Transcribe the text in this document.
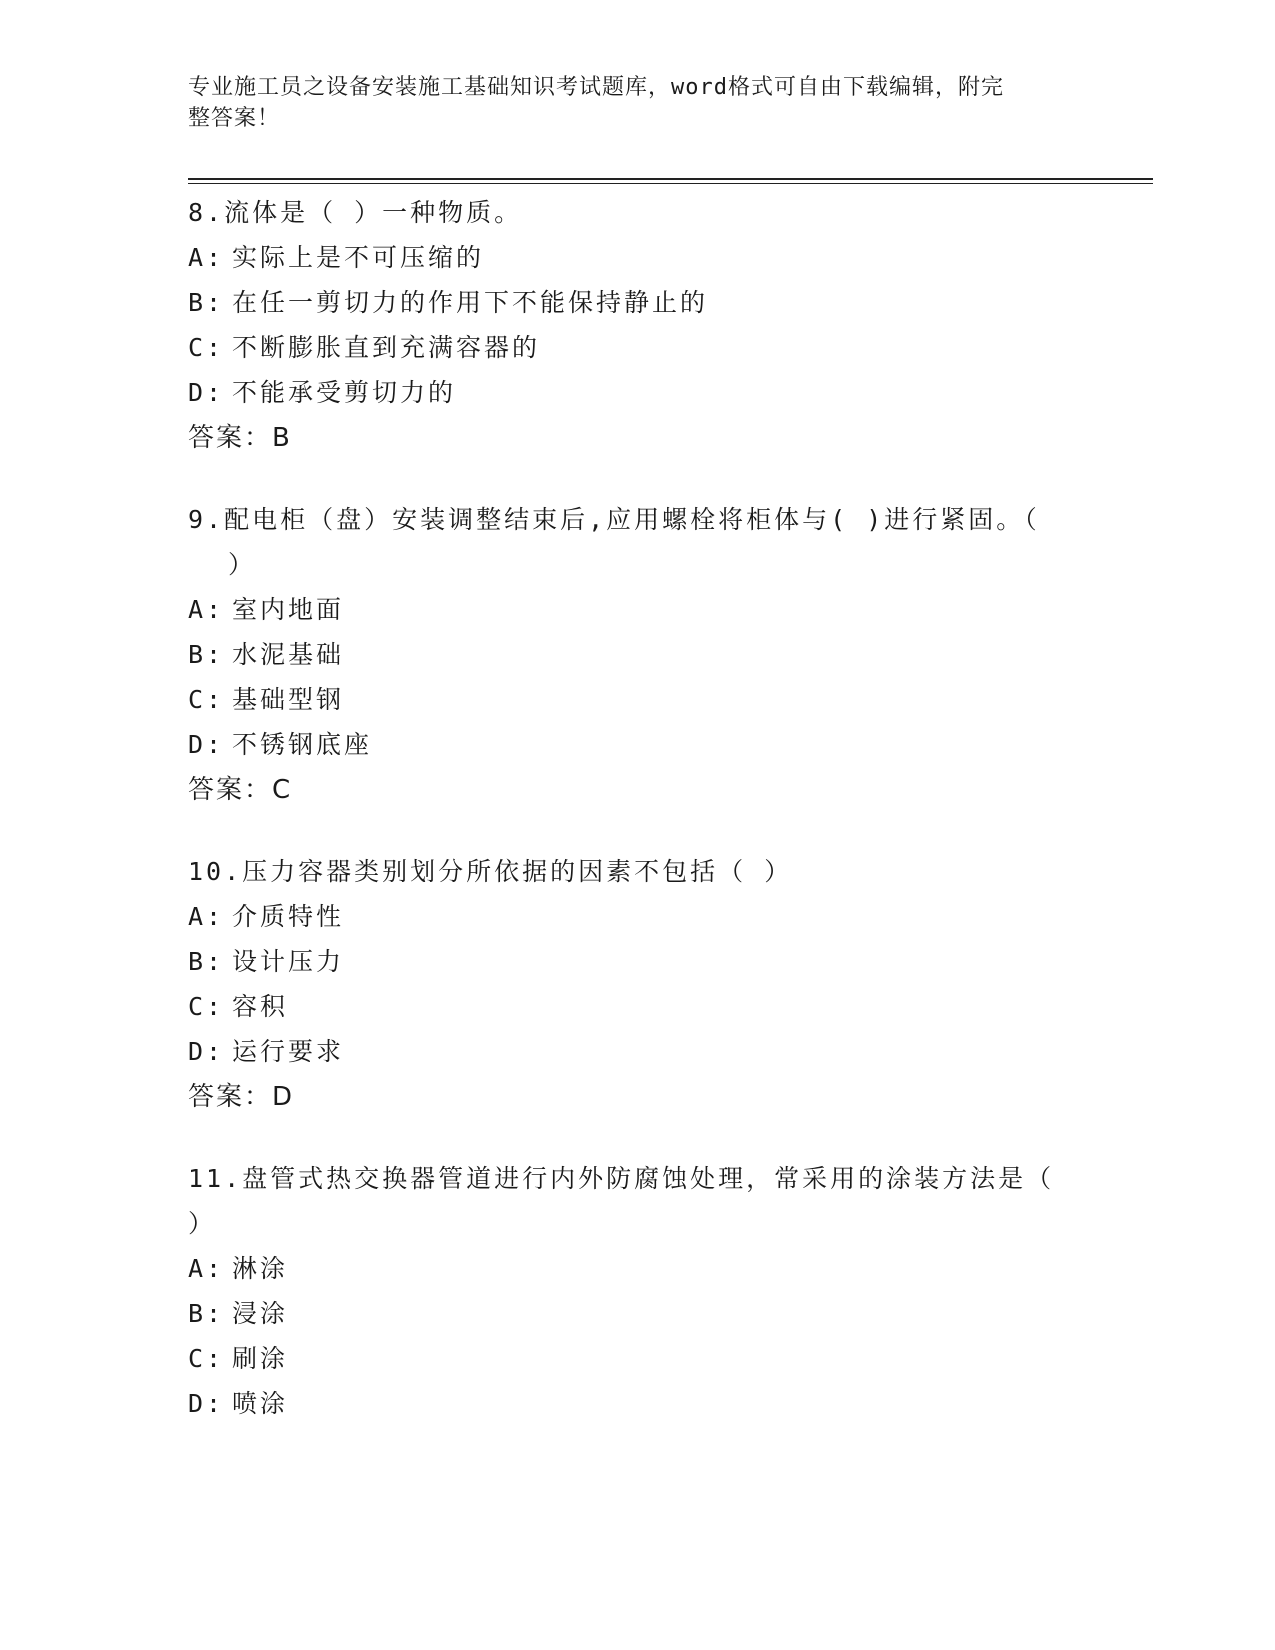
专业施工员之设备安装施工基础知识考试题库，word格式可自由下载编辑，附完
整答案！
8.流体是（ ）一种物质。
A: 实际上是不可压缩的
B: 在任一剪切力的作用下不能保持静止的
C: 不断膨胀直到充满容器的
D: 不能承受剪切力的
答案：B
9.配电柜（盘）安装调整结束后,应用螺栓将柜体与( )进行紧固。（
）
A: 室内地面
B: 水泥基础
C: 基础型钢
D: 不锈钢底座
答案：C
10.压力容器类别划分所依据的因素不包括（ ）
A: 介质特性
B: 设计压力
C: 容积
D: 运行要求
答案：D
11.盘管式热交换器管道进行内外防腐蚀处理，常采用的涂装方法是（
）
A: 淋涂
B: 浸涂
C: 刷涂
D: 喷涂
